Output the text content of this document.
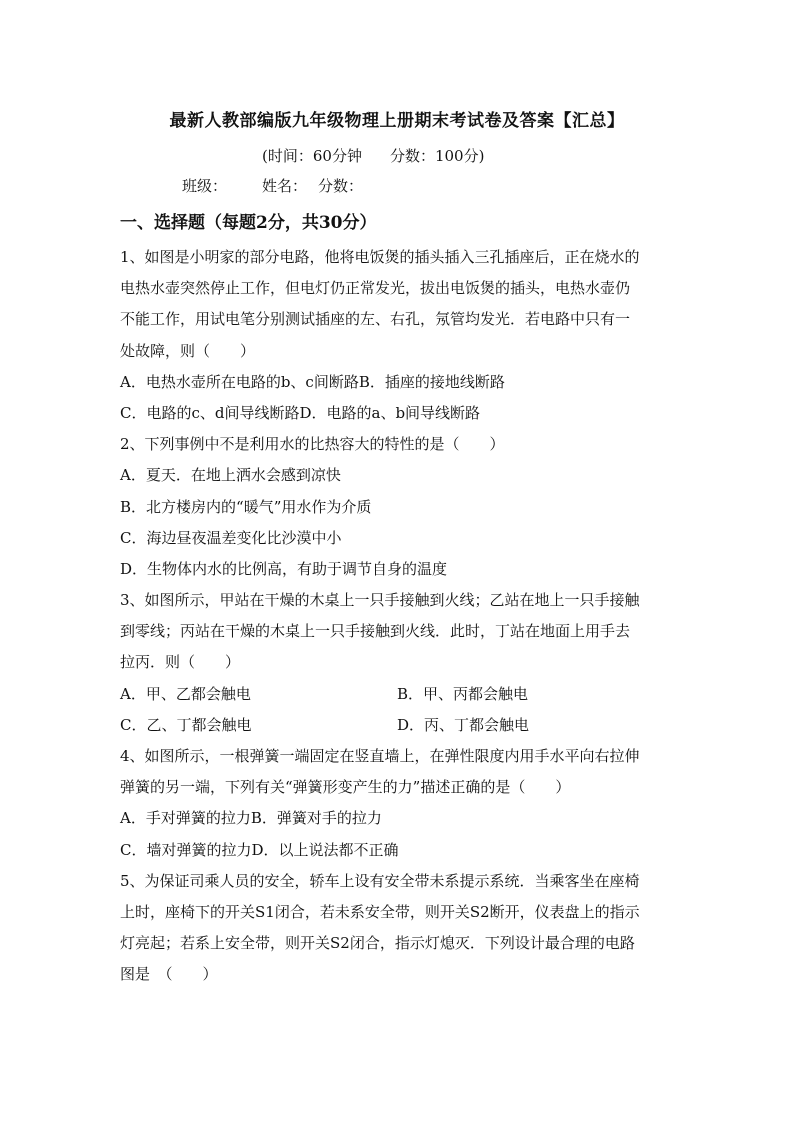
最新人教部编版九年级物理上册期末考试卷及答案【汇总】
(时间：60分钟 分数：100分)
班级： 姓名： 分数：
一、选择题（每题2分，共30分）
1、如图是小明家的部分电路，他将电饭煲的插头插入三孔插座后，正在烧水的
电热水壶突然停止工作，但电灯仍正常发光，拔出电饭煲的插头，电热水壶仍
不能工作，用试电笔分别测试插座的左、右孔，氖管均发光．若电路中只有一
处故障，则（　　）
A．电热水壶所在电路的b、c间断路B．插座的接地线断路
C．电路的c、d间导线断路D．电路的a、b间导线断路
2、下列事例中不是利用水的比热容大的特性的是（　　）
A．夏天．在地上洒水会感到凉快
B．北方楼房内的“暖气”用水作为介质
C．海边昼夜温差变化比沙漠中小
D．生物体内水的比例高，有助于调节自身的温度
3、如图所示，甲站在干燥的木桌上一只手接触到火线；乙站在地上一只手接触
到零线；丙站在干燥的木桌上一只手接触到火线．此时，丁站在地面上用手去
拉丙．则（　　）
A．甲、乙都会触电	B．甲、丙都会触电
C．乙、丁都会触电	D．丙、丁都会触电
4、如图所示，一根弹簧一端固定在竖直墙上，在弹性限度内用手水平向右拉伸
弹簧的另一端，下列有关“弹簧形变产生的力”描述正确的是（　　）
A．手对弹簧的拉力B．弹簧对手的拉力
C．墙对弹簧的拉力D．以上说法都不正确
5、为保证司乘人员的安全，轿车上设有安全带未系提示系统．当乘客坐在座椅
上时，座椅下的开关S1闭合，若未系安全带，则开关S2断开，仪表盘上的指示
灯亮起；若系上安全带，则开关S2闭合，指示灯熄灭．下列设计最合理的电路
图是　（　　）
